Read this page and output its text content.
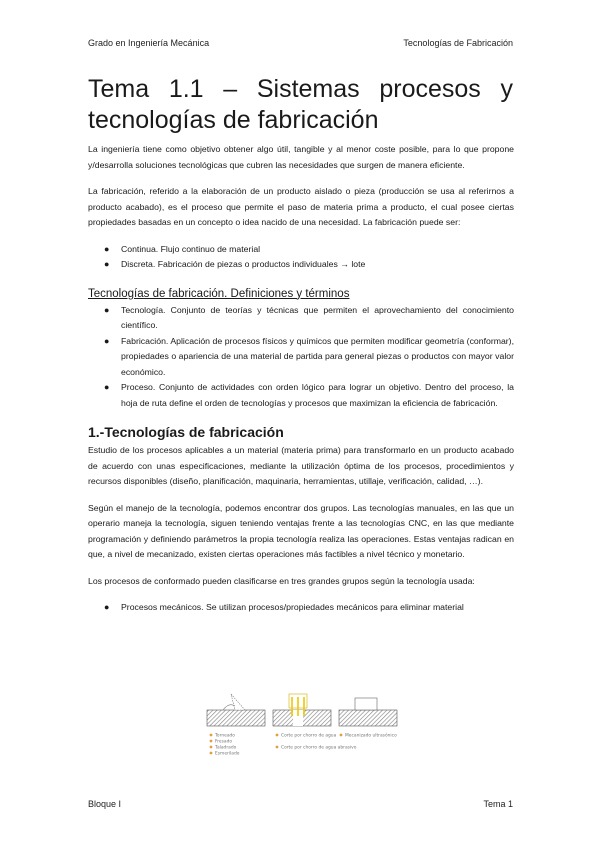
Grado en Ingeniería Mecánica	Tecnologías de Fabricación
Tema 1.1 – Sistemas procesos y
tecnologías de fabricación

La ingeniería tiene como objetivo obtener algo útil, tangible y al menor coste posible, para lo que propone y/desarrolla soluciones tecnológicas que cubren las necesidades que surgen de manera eficiente.

La fabricación, referido a la elaboración de un producto aislado o pieza (producción se usa al referirnos a producto acabado), es el proceso que permite el paso de materia prima a producto, el cual posee ciertas propiedades basadas en un concepto o idea nacido de una necesidad. La fabricación puede ser:

● Continua. Flujo continuo de material
● Discreta. Fabricación de piezas o productos individuales → lote
Tecnologías de fabricación. Definiciones y términos
● Tecnología. Conjunto de teorías y técnicas que permiten el aprovechamiento del conocimiento científico.
● Fabricación. Aplicación de procesos físicos y químicos que permiten modificar geometría (conformar), propiedades o apariencia de una material de partida para general piezas o productos con mayor valor económico.
● Proceso. Conjunto de actividades con orden lógico para lograr un objetivo. Dentro del proceso, la hoja de ruta define el orden de tecnologías y procesos que maximizan la eficiencia de fabricación.
1.-Tecnologías de fabricación

Estudio de los procesos aplicables a un material (materia prima) para transformarlo en un producto acabado de acuerdo con unas especificaciones, mediante la utilización óptima de los procesos, procedimientos y recursos disponibles (diseño, planificación, maquinaria, herramientas, utillaje, verificación, calidad, …).

Según el manejo de la tecnología, podemos encontrar dos grupos. Las tecnologías manuales, en las que un operario maneja la tecnología, siguen teniendo ventajas frente a las tecnologías CNC, en las que mediante programación y definiendo parámetros la propia tecnología realiza las operaciones. Estas ventajas radican en que, a nivel de mecanizado, existen ciertas operaciones más factibles a nivel técnico y monetario.

Los procesos de conformado pueden clasificarse en tres grandes grupos según la tecnología usada:

● Procesos mecánicos. Se utilizan procesos/propiedades mecánicos para eliminar material
Torneado
Fresado
Taladrado
Esmerilado
Corte por chorro de agua
Corte por chorro de agua abrasivo
Mecanizado ultrasónico
Bloque I	Tema 1
